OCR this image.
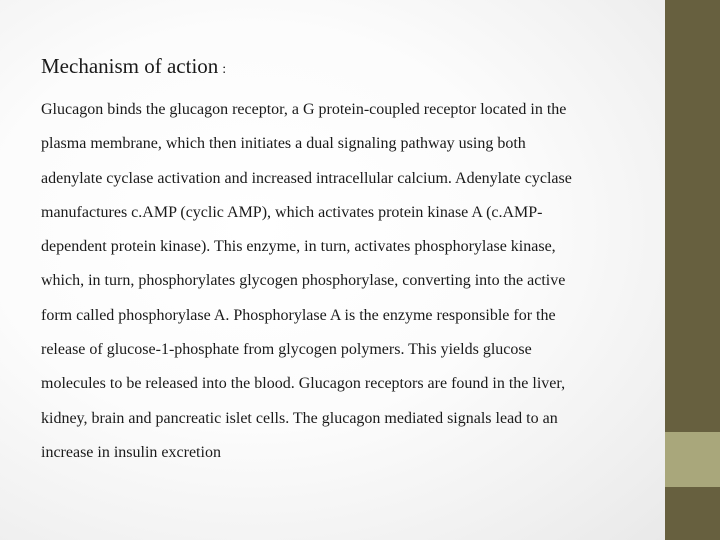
Mechanism of action :
Glucagon binds the glucagon receptor, a G protein-coupled receptor located in the
plasma membrane, which then initiates a dual signaling pathway using both
adenylate cyclase activation and increased intracellular calcium. Adenylate cyclase
manufactures c.AMP (cyclic AMP), which activates protein kinase A (c.AMP-
dependent protein kinase). This enzyme, in turn, activates phosphorylase kinase,
which, in turn, phosphorylates glycogen phosphorylase, converting into the active
form called phosphorylase A. Phosphorylase A is the enzyme responsible for the
release of glucose-1-phosphate from glycogen polymers. This yields glucose
molecules to be released into the blood. Glucagon receptors are found in the liver,
kidney, brain and pancreatic islet cells. The glucagon mediated signals lead to an
increase in insulin excretion
